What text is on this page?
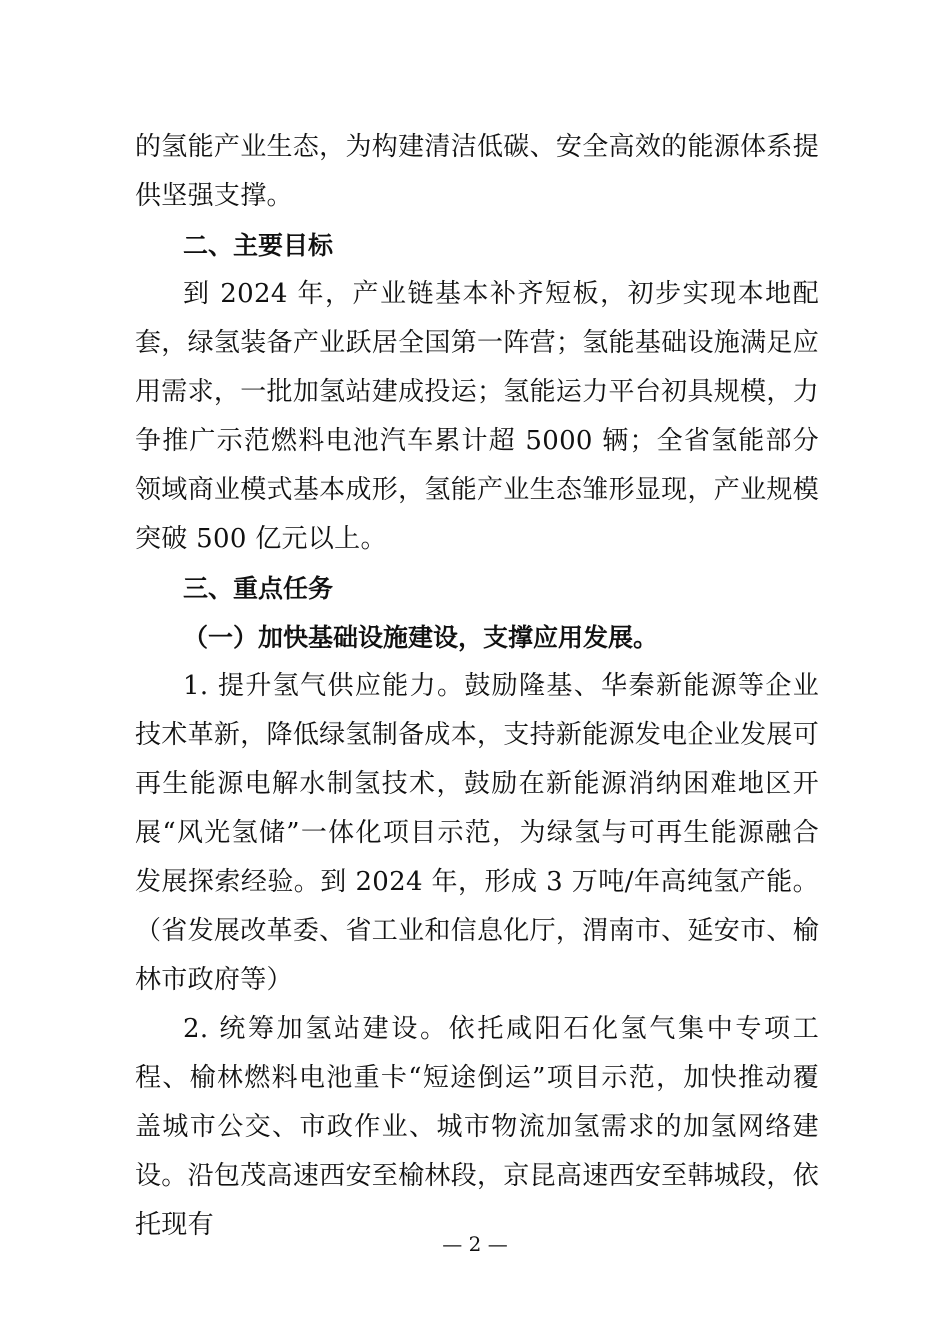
的氢能产业生态，为构建清洁低碳、安全高效的能源体系提供坚强支撑。

二、主要目标

到 2024 年，产业链基本补齐短板，初步实现本地配套，绿氢装备产业跃居全国第一阵营；氢能基础设施满足应用需求，一批加氢站建成投运；氢能运力平台初具规模，力争推广示范燃料电池汽车累计超 5000 辆；全省氢能部分领域商业模式基本成形，氢能产业生态雏形显现，产业规模突破 500 亿元以上。

三、重点任务

（一）加快基础设施建设，支撑应用发展。

1. 提升氢气供应能力。鼓励隆基、华秦新能源等企业技术革新，降低绿氢制备成本，支持新能源发电企业发展可再生能源电解水制氢技术，鼓励在新能源消纳困难地区开展“风光氢储”一体化项目示范，为绿氢与可再生能源融合发展探索经验。到 2024 年，形成 3 万吨/年高纯氢产能。（省发展改革委、省工业和信息化厅，渭南市、延安市、榆林市政府等）

2. 统筹加氢站建设。依托咸阳石化氢气集中专项工程、榆林燃料电池重卡“短途倒运”项目示范，加快推动覆盖城市公交、市政作业、城市物流加氢需求的加氢网络建设。沿包茂高速西安至榆林段，京昆高速西安至韩城段，依托现有

— 2 —
